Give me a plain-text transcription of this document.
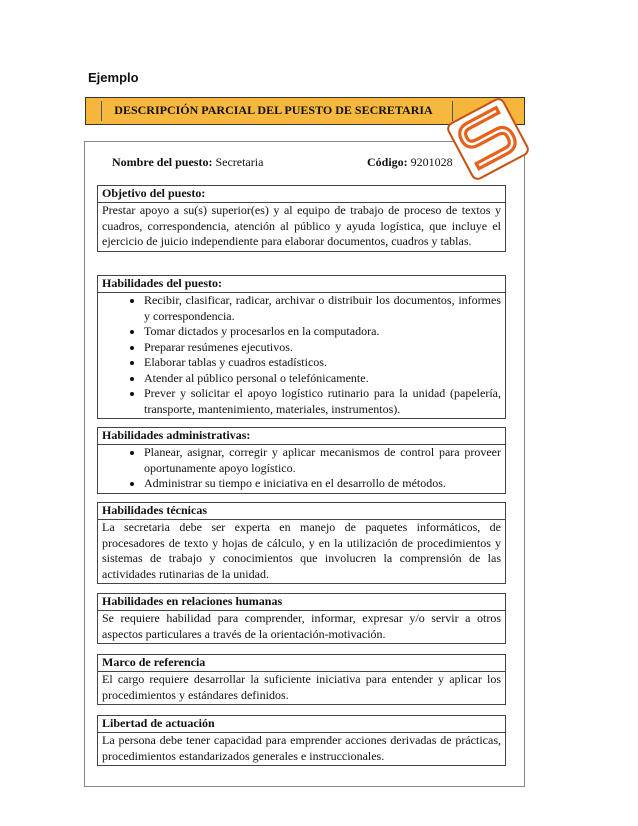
Ejemplo
DESCRIPCIÓN PARCIAL DEL PUESTO DE SECRETARIA
Nombre del puesto: Secretaria	Código: 9201028
Objetivo del puesto:
Prestar apoyo a su(s) superior(es) y al equipo de trabajo de proceso de textos y cuadros, correspondencia, atención al público y ayuda logística, que incluye el ejercicio de juicio independiente para elaborar documentos, cuadros y tablas.
Habilidades del puesto:
• Recibir, clasificar, radicar, archivar o distribuir los documentos, informes y correspondencia.
• Tomar dictados y procesarlos en la computadora.
• Preparar resúmenes ejecutivos.
• Elaborar tablas y cuadros estadísticos.
• Atender al público personal o telefónicamente.
• Prever y solicitar el apoyo logístico rutinario para la unidad (papelería, transporte, mantenimiento, materiales, instrumentos).
Habilidades administrativas:
• Planear, asignar, corregir y aplicar mecanismos de control para proveer oportunamente apoyo logístico.
• Administrar su tiempo e iniciativa en el desarrollo de métodos.
Habilidades técnicas
La secretaria debe ser experta en manejo de paquetes informáticos, de procesadores de texto y hojas de cálculo, y en la utilización de procedimientos y sistemas de trabajo y conocimientos que involucren la comprensión de las actividades rutinarias de la unidad.
Habilidades en relaciones humanas
Se requiere habilidad para comprender, informar, expresar y/o servir a otros aspectos particulares a través de la orientación-motivación.
Marco de referencia
El cargo requiere desarrollar la suficiente iniciativa para entender y aplicar los procedimientos y estándares definidos.
Libertad de actuación
La persona debe tener capacidad para emprender acciones derivadas de prácticas, procedimientos estandarizados generales e instruccionales.
